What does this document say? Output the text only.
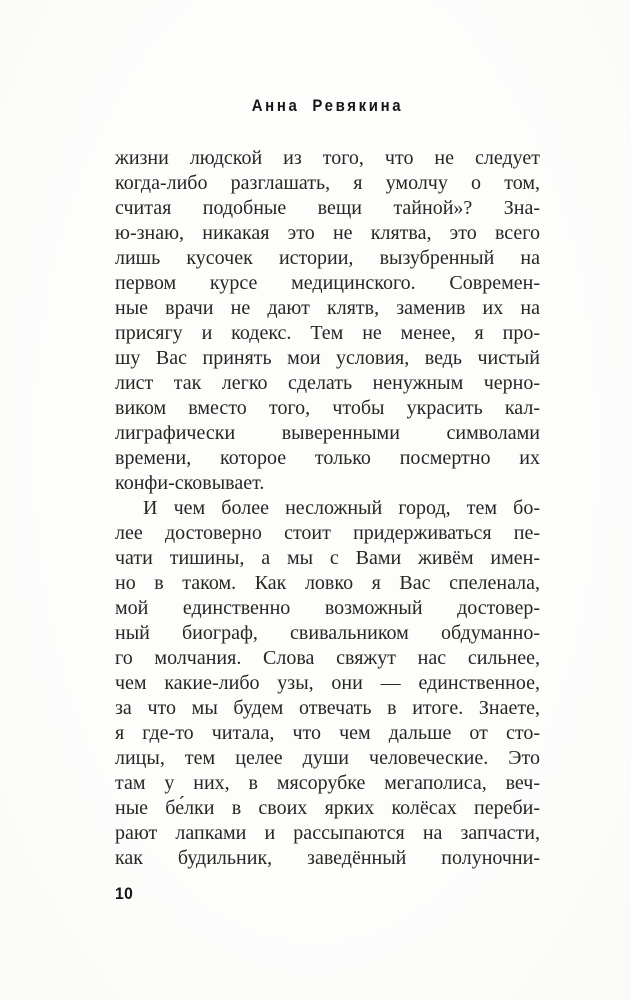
Анна Ревякина
жизни людской из того, что не следует
когда-либо разглашать, я умолчу о том,
считая подобные вещи тайной»? Зна-
ю-знаю, никакая это не клятва, это всего
лишь кусочек истории, вызубренный на
первом курсе медицинского. Современ-
ные врачи не дают клятв, заменив их на
присягу и кодекс. Тем не менее, я про-
шу Вас принять мои условия, ведь чистый
лист так легко сделать ненужным черно-
виком вместо того, чтобы украсить кал-
лиграфически выверенными символами
времени, которое только посмертно их
конфи-сковывает.
И чем более несложный город, тем бо-
лее достоверно стоит придерживаться пе-
чати тишины, а мы с Вами живём имен-
но в таком. Как ловко я Вас спеленала,
мой единственно возможный достовер-
ный биограф, свивальником обдуманно-
го молчания. Слова свяжут нас сильнее,
чем какие-либо узы, они — единственное,
за что мы будем отвечать в итоге. Знаете,
я где-то читала, что чем дальше от сто-
лицы, тем целее души человеческие. Это
там у них, в мясорубке мегаполиса, веч-
ные бе́лки в своих ярких колёсах переби-
рают лапками и рассыпаются на запчасти,
как будильник, заведённый полуночни-
10
